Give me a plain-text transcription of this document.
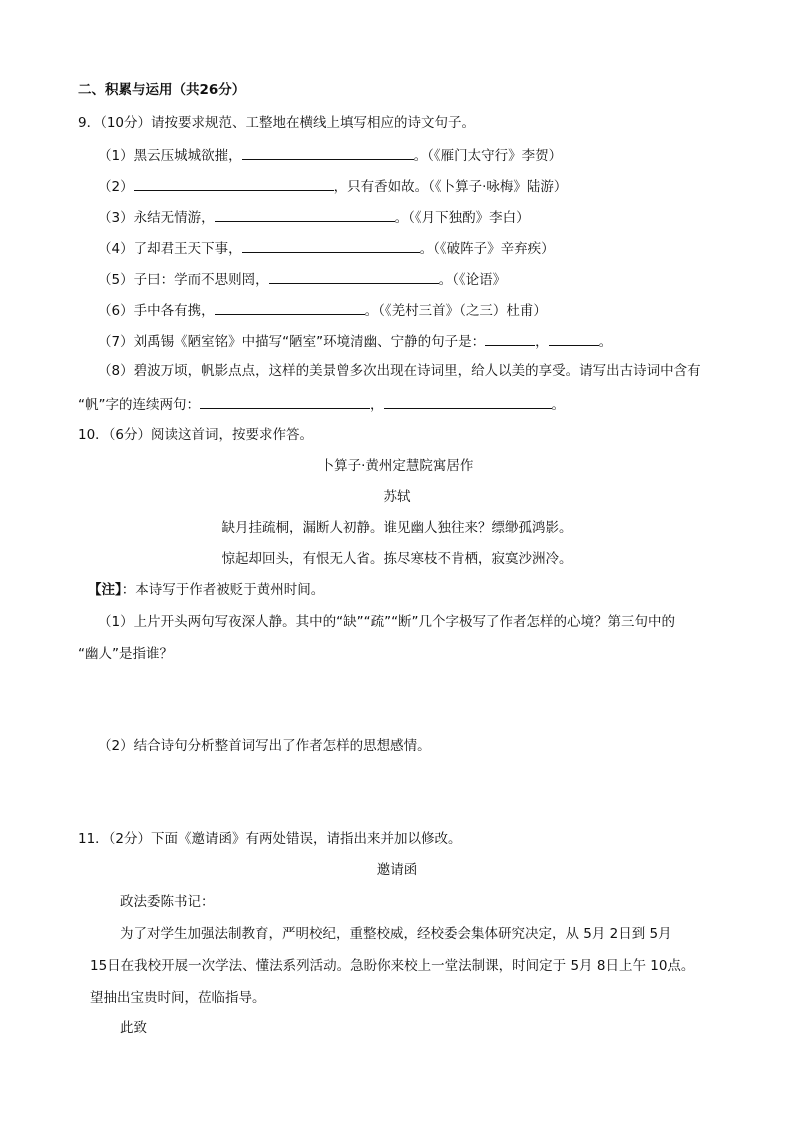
二、积累与运用（共26分）
9．（10分）请按要求规范、工整地在横线上填写相应的诗文句子。
（1）黑云压城城欲摧，	。（《雁门太守行》李贺）
（2）	，只有香如故。（《卜算子·咏梅》陆游）
（3）永结无情游，	。（《月下独酌》李白）
（4）了却君王天下事，	。（《破阵子》辛弃疾）
（5）子曰：学而不思则罔，	。（《论语》
（6）手中各有携，	。（《羌村三首》（之三）杜甫）
（7）刘禹锡《陋室铭》中描写“陋室”环境清幽、宁静的句子是：	，	。
（8）碧波万顷，帆影点点，这样的美景曾多次出现在诗词里，给人以美的享受。请写出古诗词中含有
“帆”字的连续两句：	，	。
10．（6分）阅读这首词，按要求作答。
卜算子·黄州定慧院寓居作
苏轼
缺月挂疏桐，漏断人初静。谁见幽人独往来？缥缈孤鸿影。
惊起却回头，有恨无人省。拣尽寒枝不肯栖，寂寞沙洲冷。
【注】：本诗写于作者被贬于黄州时间。
（1）上片开头两句写夜深人静。其中的“缺”“疏”“断”几个字极写了作者怎样的心境？第三句中的
“幽人”是指谁？
（2）结合诗句分析整首词写出了作者怎样的思想感情。
11．（2分）下面《邀请函》有两处错误，请指出来并加以修改。
邀请函
政法委陈书记：
为了对学生加强法制教育，严明校纪，重整校威，经校委会集体研究决定，从 5月 2日到 5月
15日在我校开展一次学法、懂法系列活动。急盼你来校上一堂法制课，时间定于 5月 8日上午 10点。
望抽出宝贵时间，莅临指导。
此致
